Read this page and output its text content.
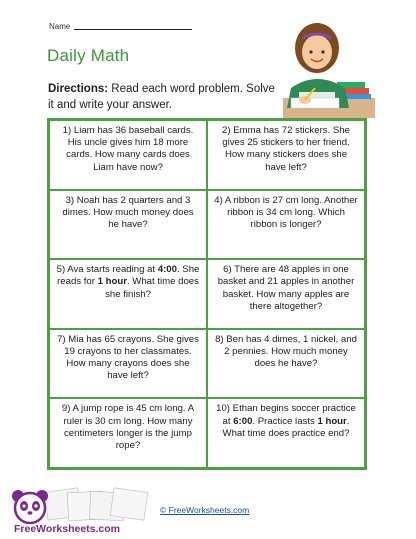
Name
Daily Math
Directions: Read each word problem. Solve it and write your answer.
1) Liam has 36 baseball cards. His uncle gives him 18 more cards. How many cards does Liam have now?
2) Emma has 72 stickers. She gives 25 stickers to her friend. How many stickers does she have left?
3) Noah has 2 quarters and 3 dimes. How much money does he have?
4) A ribbon is 27 cm long. Another ribbon is 34 cm long. Which ribbon is longer?
5) Ava starts reading at 4:00. She reads for 1 hour. What time does she finish?
6) There are 48 apples in one basket and 21 apples in another basket. How many apples are there altogether?
7) Mia has 65 crayons. She gives 19 crayons to her classmates. How many crayons does she have left?
8) Ben has 4 dimes, 1 nickel, and 2 pennies. How much money does he have?
9) A jump rope is 45 cm long. A ruler is 30 cm long. How many centimeters longer is the jump rope?
10) Ethan begins soccer practice at 6:00. Practice lasts 1 hour. What time does practice end?
FreeWorksheets.com
© FreeWorksheets.com
